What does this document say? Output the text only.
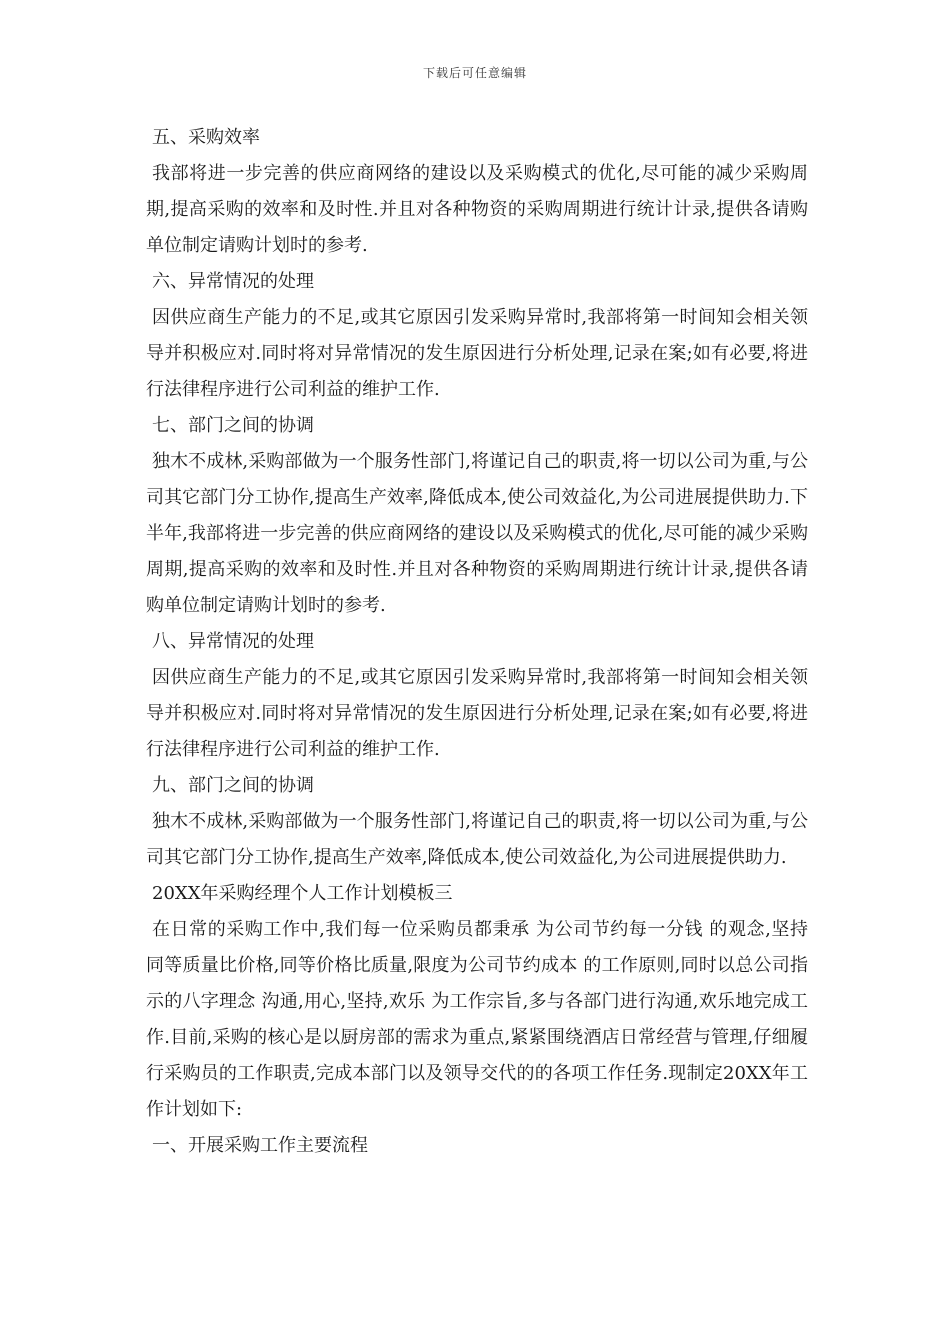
下载后可任意编辑

五、采购效率

我部将进一步完善的供应商网络的建设以及采购模式的优化,尽可能的减少采购周期,提高采购的效率和及时性.并且对各种物资的采购周期进行统计计录,提供各请购单位制定请购计划时的参考.

六、异常情况的处理

因供应商生产能力的不足,或其它原因引发采购异常时,我部将第一时间知会相关领导并积极应对.同时将对异常情况的发生原因进行分析处理,记录在案;如有必要,将进行法律程序进行公司利益的维护工作.

七、部门之间的协调

独木不成林,采购部做为一个服务性部门,将谨记自己的职责,将一切以公司为重,与公司其它部门分工协作,提高生产效率,降低成本,使公司效益化,为公司进展提供助力.下半年,我部将进一步完善的供应商网络的建设以及采购模式的优化,尽可能的减少采购周期,提高采购的效率和及时性.并且对各种物资的采购周期进行统计计录,提供各请购单位制定请购计划时的参考.

八、异常情况的处理

因供应商生产能力的不足,或其它原因引发采购异常时,我部将第一时间知会相关领导并积极应对.同时将对异常情况的发生原因进行分析处理,记录在案;如有必要,将进行法律程序进行公司利益的维护工作.

九、部门之间的协调

独木不成林,采购部做为一个服务性部门,将谨记自己的职责,将一切以公司为重,与公司其它部门分工协作,提高生产效率,降低成本,使公司效益化,为公司进展提供助力.

20XX年采购经理个人工作计划模板三

在日常的采购工作中,我们每一位采购员都秉承 为公司节约每一分钱 的观念,坚持 同等质量比价格,同等价格比质量,限度为公司节约成本 的工作原则,同时以总公司指示的八字理念 沟通,用心,坚持,欢乐 为工作宗旨,多与各部门进行沟通,欢乐地完成工作.目前,采购的核心是以厨房部的需求为重点,紧紧围绕酒店日常经营与管理,仔细履行采购员的工作职责,完成本部门以及领导交代的的各项工作任务.现制定20XX年工作计划如下:

一、开展采购工作主要流程
